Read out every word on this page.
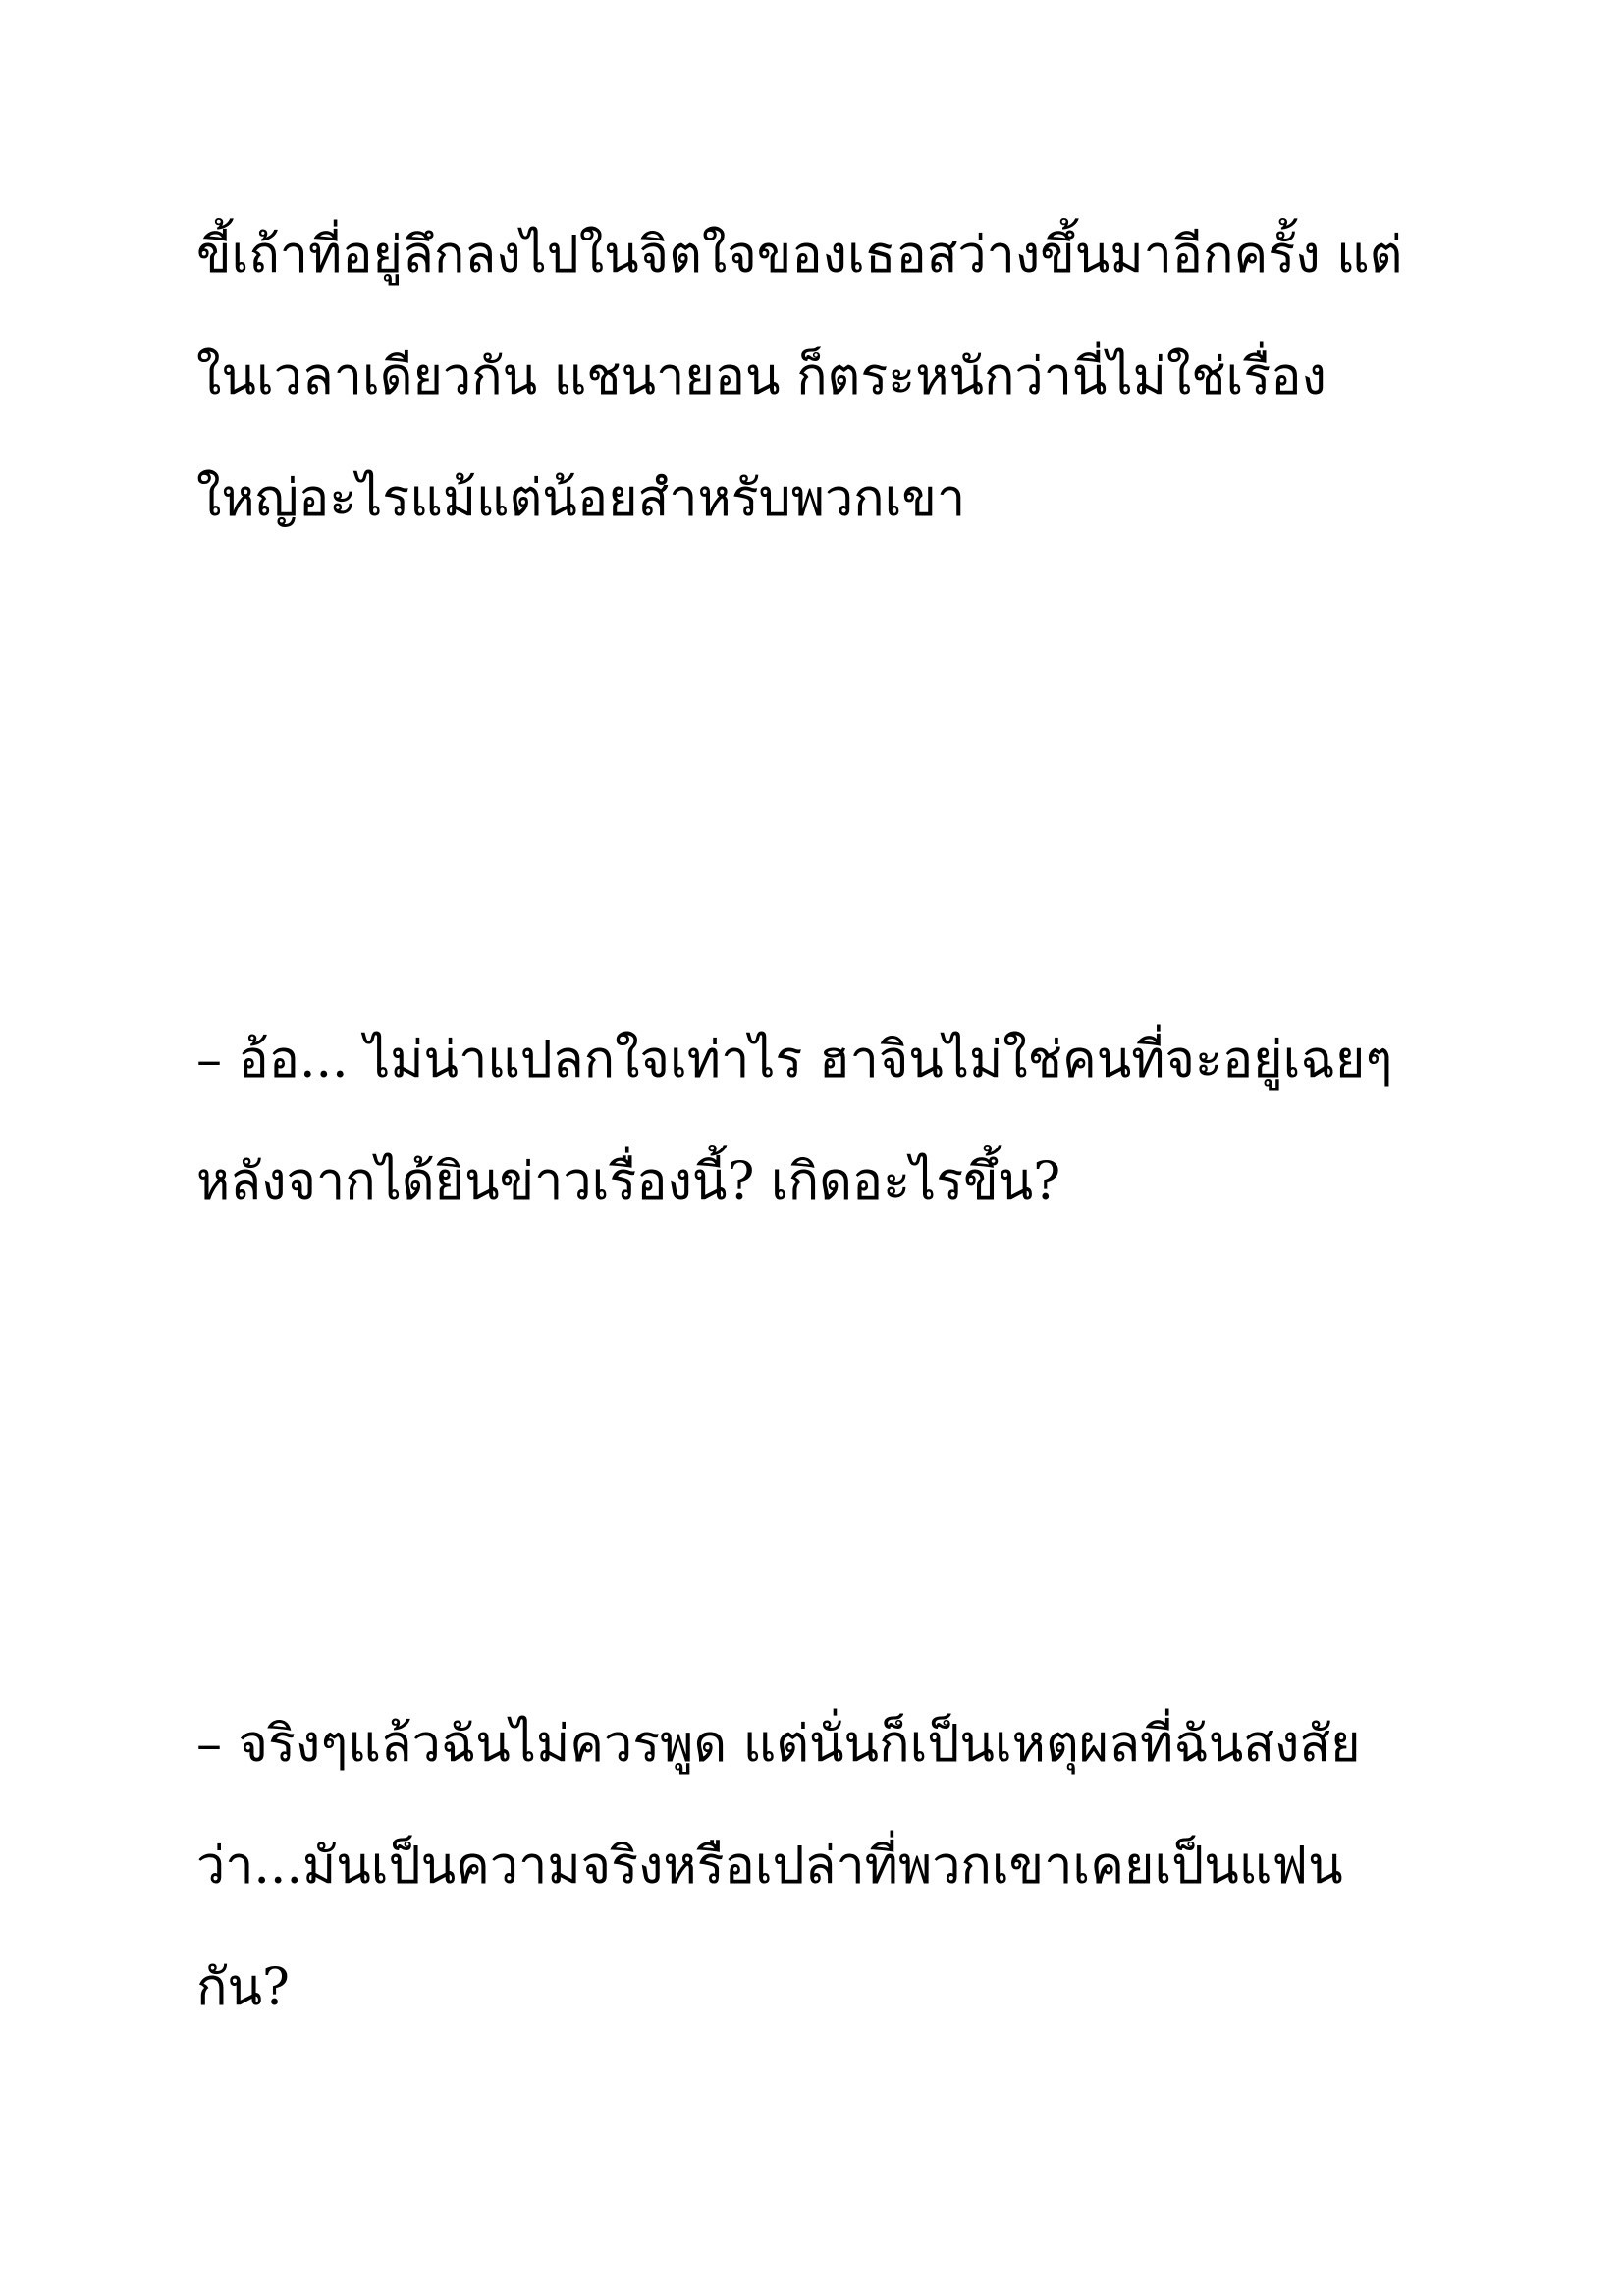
ขี้เถ้าที่อยู่ลึกลงไปในจิตใจของเธอสว่างขึ้นมาอีกครั้ง แต่
ในเวลาเดียวกัน แชนายอน ก็ตระหนักว่านี่ไม่ใช่เรื่อง
ใหญ่อะไรแม้แต่น้อยสำหรับพวกเขา

– อ้อ... ไม่น่าแปลกใจเท่าไร ฮาจินไม่ใช่คนที่จะอยู่เฉยๆ
หลังจากได้ยินข่าวเรื่องนี้? เกิดอะไรขึ้น?

– จริงๆแล้วฉันไม่ควรพูด แต่นั่นก็เป็นเหตุผลที่ฉันสงสัย
ว่า...มันเป็นความจริงหรือเปล่าที่พวกเขาเคยเป็นแฟน
กัน?
